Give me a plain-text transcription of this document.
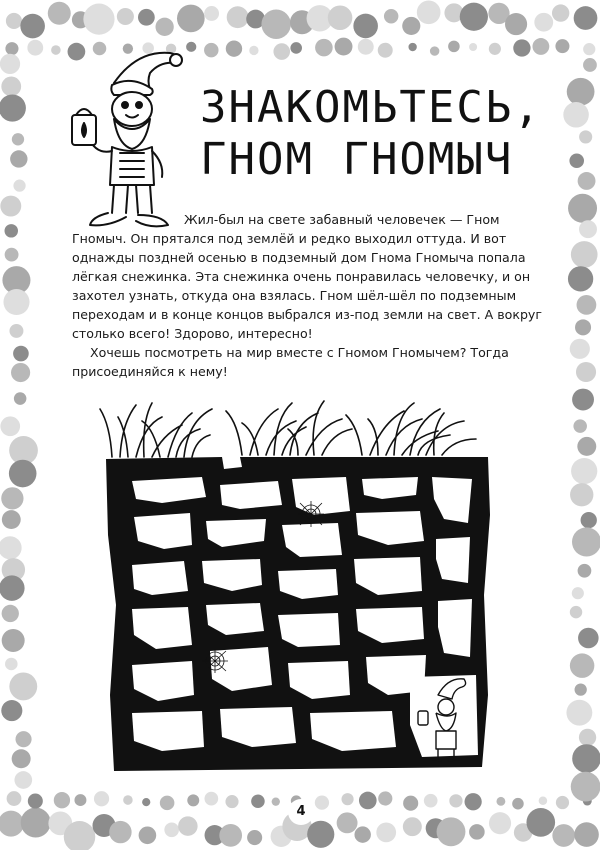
ЗНАКОМЬТЕСЬ,
ГНОМ ГНОМЫЧ

Жил-был на свете забавный человечек — Гном Гномыч. Он прятался под землёй и редко выходил оттуда. И вот однажды поздней осенью в подземный дом Гнома Гномыча попала лёгкая снежинка. Эта снежинка очень понравилась человечку, и он захотел узнать, откуда она взялась. Гном шёл-шёл по подземным переходам и в конце концов выбрался из-под земли на свет. А вокруг столько всего! Здорово, интересно!

Хочешь посмотреть на мир вместе с Гномом Гномычем? Тогда присоединяйся к нему!

4
